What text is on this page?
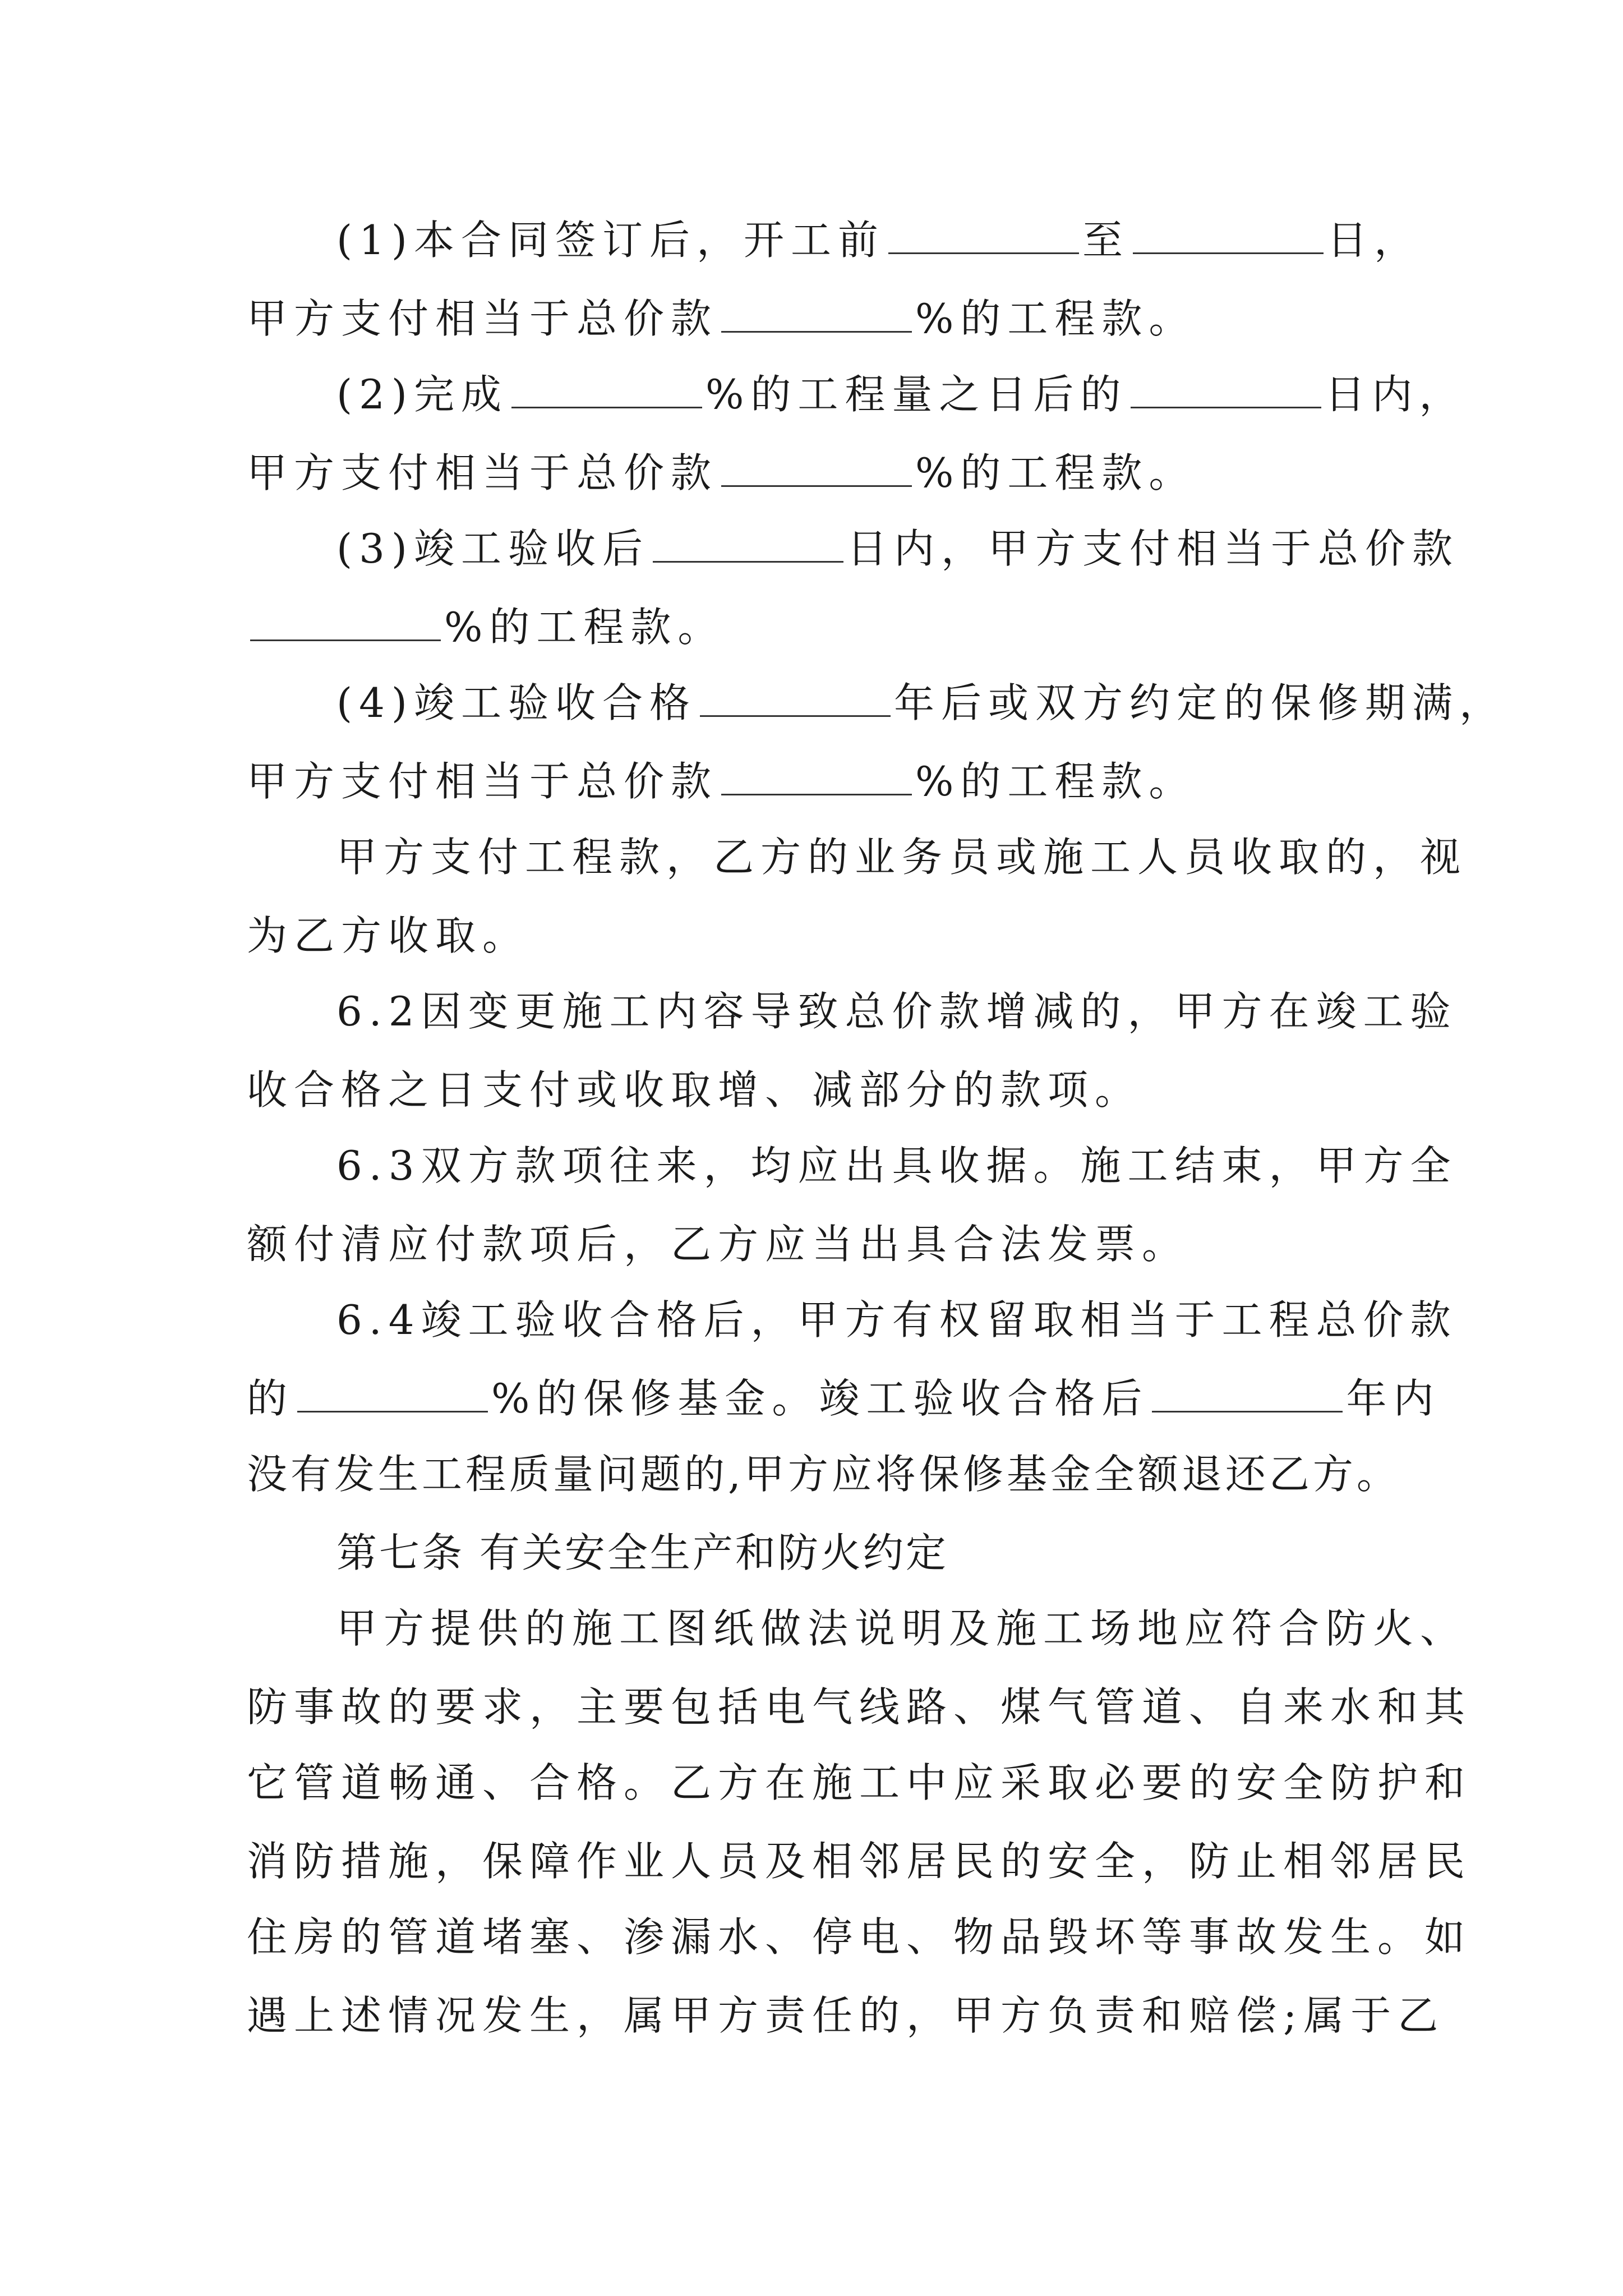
(1)本合同签订后，开工前	至	日，
甲方支付相当于总价款	%的工程款。
(2)完成	%的工程量之日后的	日内，
甲方支付相当于总价款	%的工程款。
(3)竣工验收后	日内，甲方支付相当于总价款
%的工程款。
(4)竣工验收合格	年后或双方约定的保修期满，
甲方支付相当于总价款	%的工程款。
甲方支付工程款，乙方的业务员或施工人员收取的，视
为乙方收取。
6.2因变更施工内容导致总价款增减的，甲方在竣工验
收合格之日支付或收取增、减部分的款项。
6.3双方款项往来，均应出具收据。施工结束，甲方全
额付清应付款项后，乙方应当出具合法发票。
6.4竣工验收合格后，甲方有权留取相当于工程总价款
的	%的保修基金。竣工验收合格后	年内
没有发生工程质量问题的,甲方应将保修基金全额退还乙方。
第七条 有关安全生产和防火约定
甲方提供的施工图纸做法说明及施工场地应符合防火、
防事故的要求，主要包括电气线路、煤气管道、自来水和其
它管道畅通、合格。乙方在施工中应采取必要的安全防护和
消防措施，保障作业人员及相邻居民的安全，防止相邻居民
住房的管道堵塞、渗漏水、停电、物品毁坏等事故发生。如
遇上述情况发生，属甲方责任的，甲方负责和赔偿;属于乙
